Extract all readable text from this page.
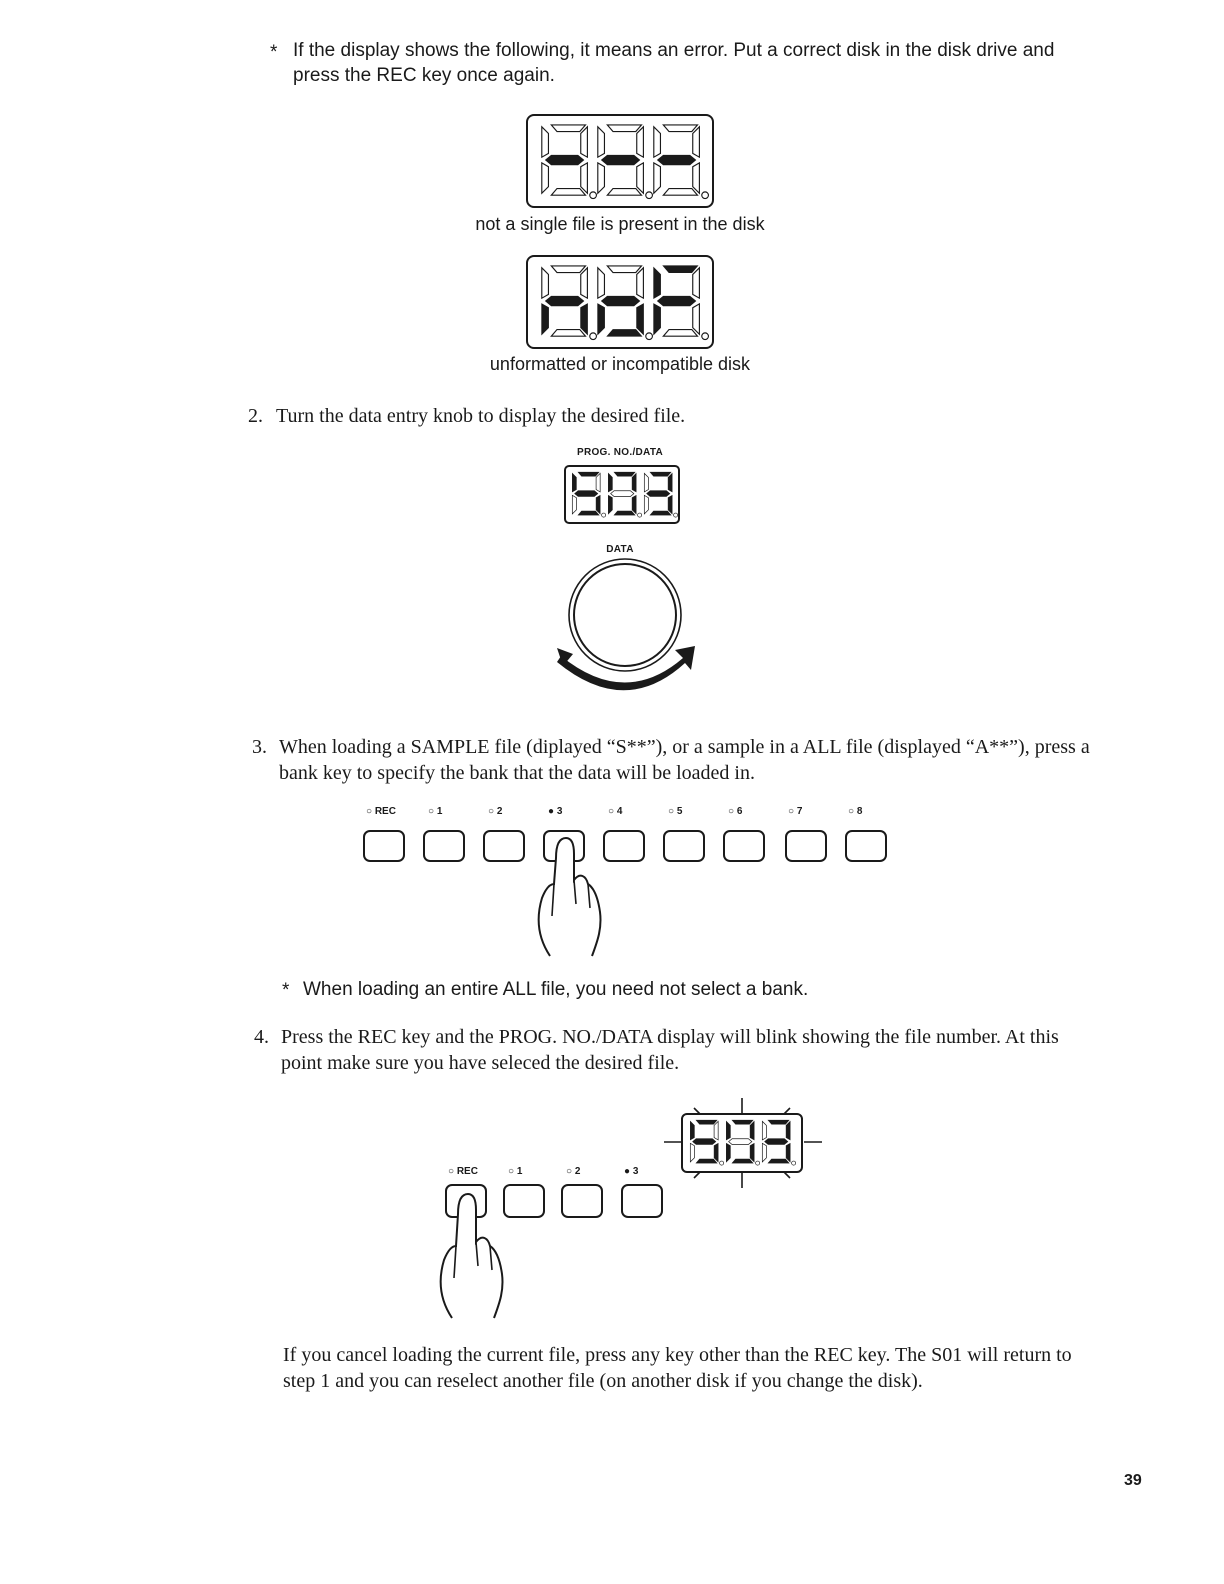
* If the display shows the following, it means an error. Put a correct disk in the disk drive and press the REC key once again.
not a single file is present in the disk
unformatted or incompatible disk
2. Turn the data entry knob to display the desired file.
PROG. NO./DATA
DATA
3. When loading a SAMPLE file (diplayed “S**”), or a sample in a ALL file (displayed “A**”), press a bank key to specify the bank that the data will be loaded in.
○ REC	○ 1	○ 2	● 3	○ 4	○ 5	○ 6	○ 7	○ 8
* When loading an entire ALL file, you need not select a bank.
4. Press the REC key and the PROG. NO./DATA display will blink showing the file number. At this point make sure you have seleced the desired file.
○ REC	○ 1	○ 2	● 3
If you cancel loading the current file, press any key other than the REC key. The S01 will return to step 1 and you can reselect another file (on another disk if you change the disk).
39
